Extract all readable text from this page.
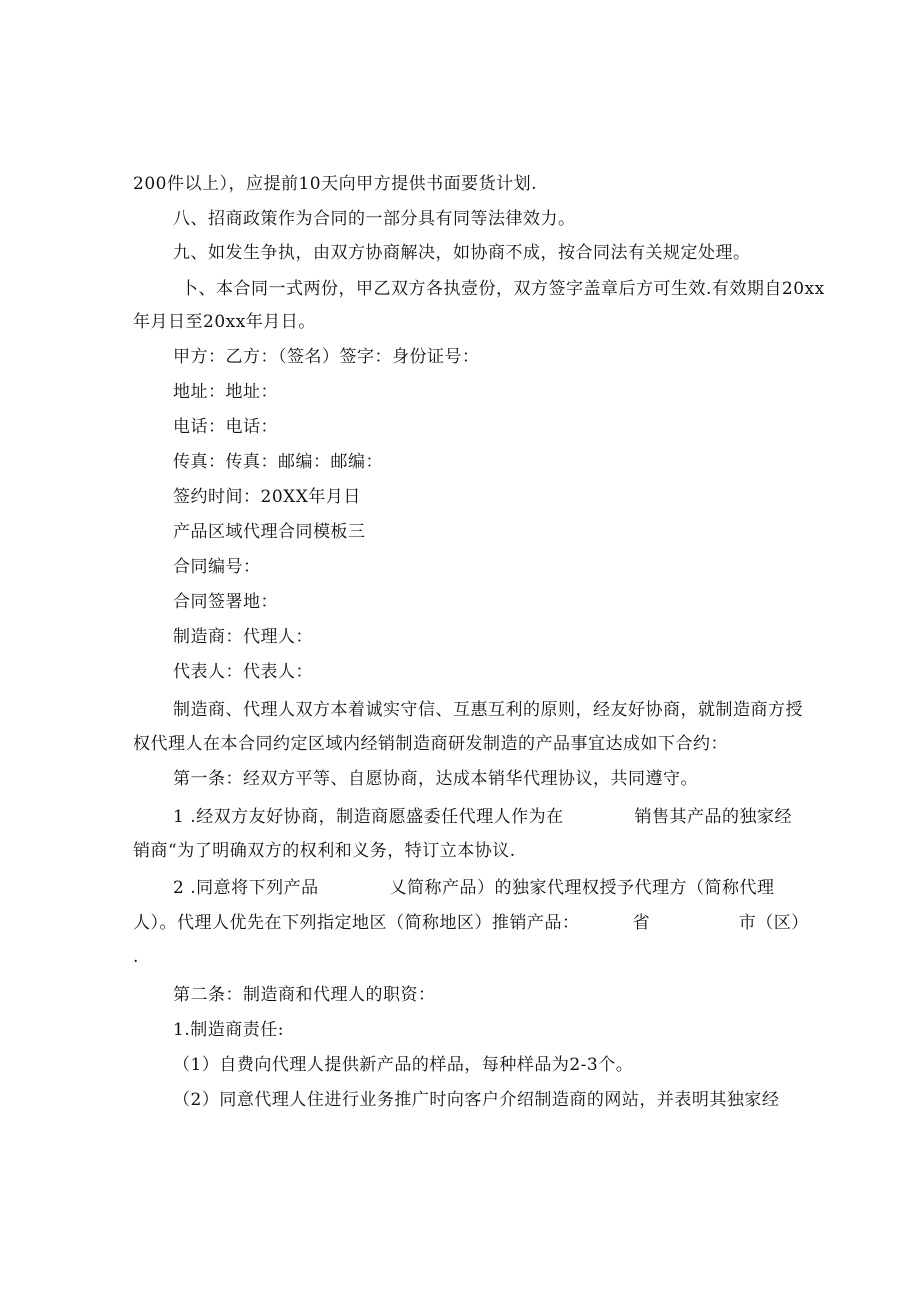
200件以上），应提前10天向甲方提供书面要货计划.
八、招商政策作为合同的一部分具有同等法律效力。
九、如发生争执，由双方协商解决，如协商不成，按合同法有关规定处理。
卜、本合同一式两份，甲乙双方各执壹份，双方签字盖章后方可生效.有效期自20xx
年月日至20xx年月日。
甲方：乙方：（签名）签字：身份证号：
地址：地址：
电话：电话：
传真：传真：邮编：邮编：
签约时间：20XX年月日
产品区域代理合同模板三
合同编号：
合同签署地：
制造商：代理人：
代表人：代表人：
制造商、代理人双方本着诚实守信、互惠互利的原则，经友好协商，就制造商方授
权代理人在本合同约定区域内经销制造商研发制造的产品事宜达成如下合约：
第一条：经双方平等、自愿协商，达成本销华代理协议，共同遵守。
1 .经双方友好协商，制造商愿盛委任代理人作为在            销售其产品的独家经
销商“为了明确双方的权利和义务，特订立本协议.
2 .同意将下列产品            乂简称产品）的独家代理权授予代理方（简称代理
人）。代理人优先在下列指定地区（简称地区）推销产品：         省               市（区）
.
第二条：制造商和代理人的职资：
1.制造商责任:
（1）自费向代理人提供新产品的样品，每种样品为2-3个。
（2）同意代理人住进行业务推广时向客户介绍制造商的网站，并表明其独家经
